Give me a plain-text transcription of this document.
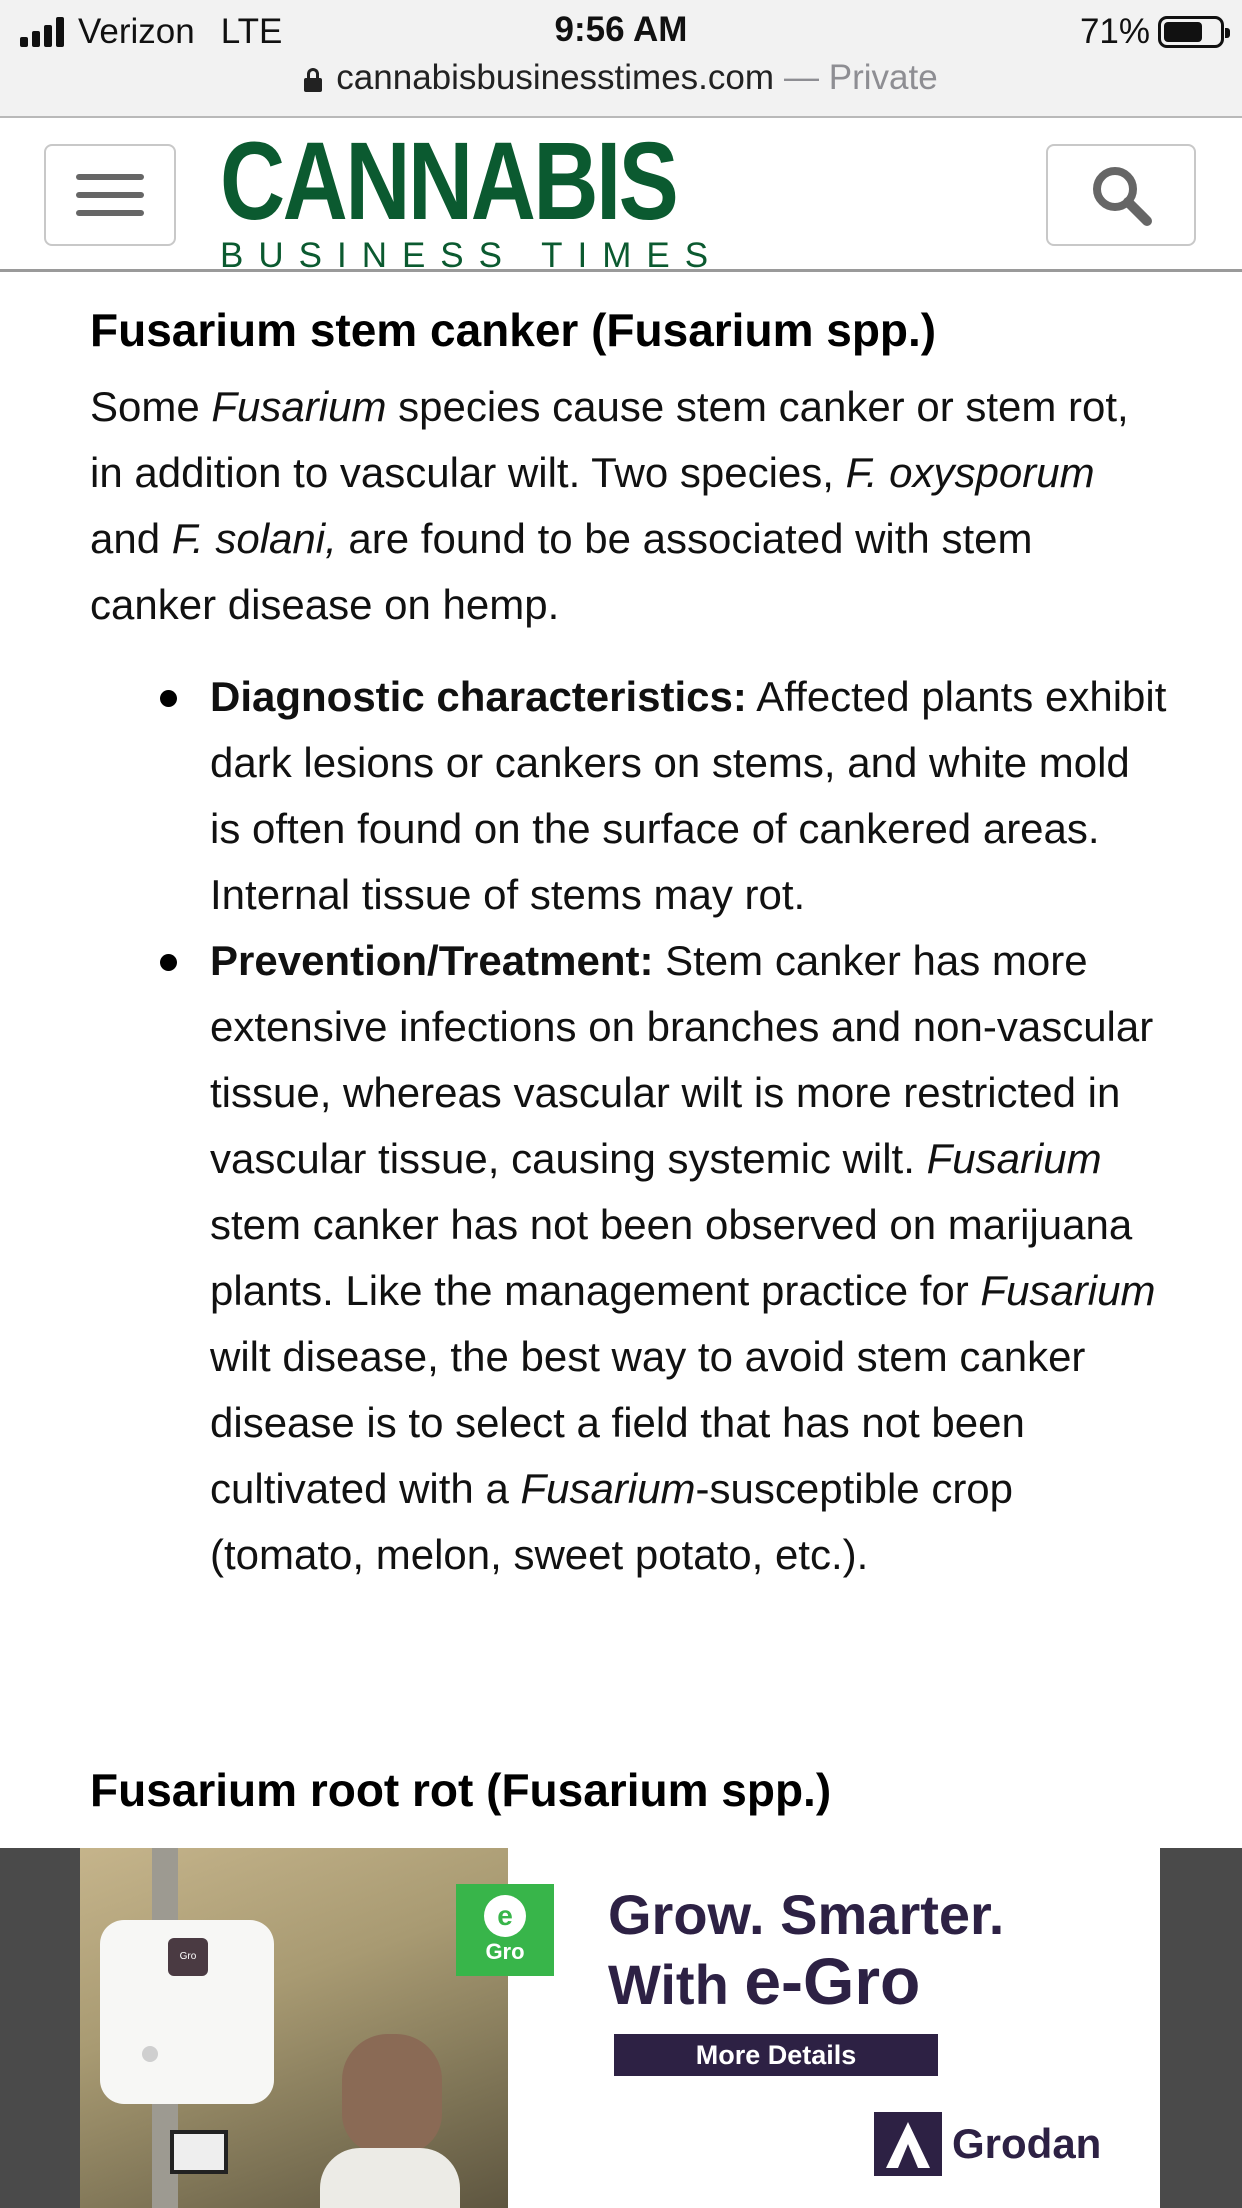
Verizon LTE	9:56 AM	71%
cannabisbusinesstimes.com — Private
CANNABIS
BUSINESS TIMES
Fusarium stem canker (Fusarium spp.)

Some Fusarium species cause stem canker or stem rot, in addition to vascular wilt. Two species, F. oxysporum and F. solani, are found to be associated with stem canker disease on hemp.

Diagnostic characteristics: Affected plants exhibit dark lesions or cankers on stems, and white mold is often found on the surface of cankered areas. Internal tissue of stems may rot.
Prevention/Treatment: Stem canker has more extensive infections on branches and non-vascular tissue, whereas vascular wilt is more restricted in vascular tissue, causing systemic wilt. Fusarium stem canker has not been observed on marijuana plants. Like the management practice for Fusarium wilt disease, the best way to avoid stem canker disease is to select a field that has not been cultivated with a Fusarium-susceptible crop (tomato, melon, sweet potato, etc.).
Fusarium root rot (Fusarium spp.)
Gro
e
Gro
Grow. Smarter.
With e-Gro
More Details
Grodan
